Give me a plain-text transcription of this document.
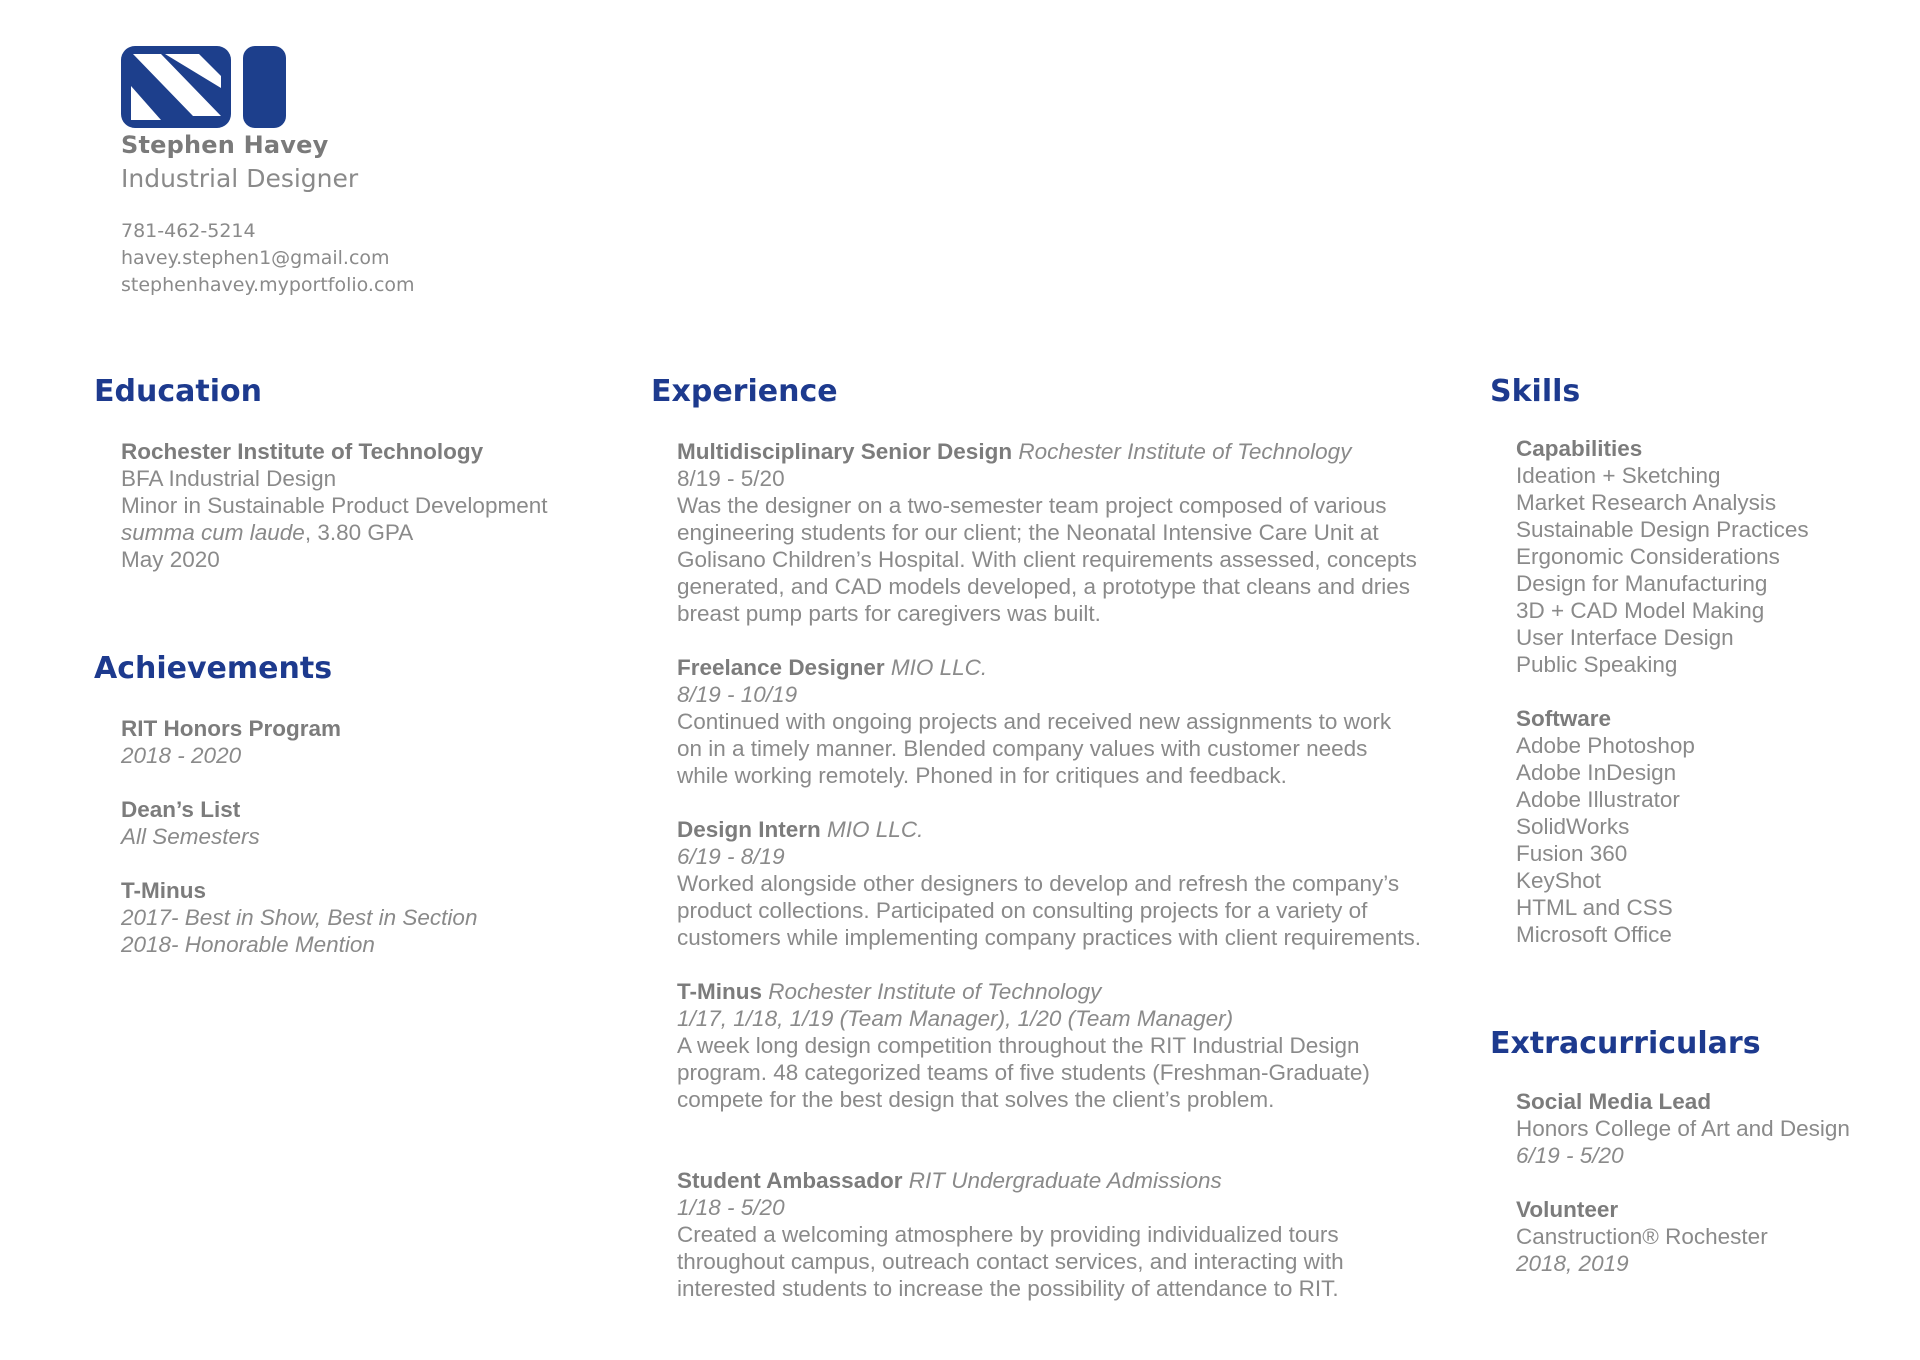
Stephen Havey
Industrial Designer
781-462-5214
havey.stephen1@gmail.com
stephenhavey.myportfolio.com
Education
Rochester Institute of Technology
BFA Industrial Design
Minor in Sustainable Product Development
summa cum laude, 3.80 GPA
May 2020
Achievements
RIT Honors Program
2018 - 2020
Dean’s List
All Semesters
T-Minus
2017- Best in Show, Best in Section
2018- Honorable Mention
Experience
Multidisciplinary Senior Design Rochester Institute of Technology
8/19 - 5/20
Was the designer on a two-semester team project composed of various
engineering students for our client; the Neonatal Intensive Care Unit at
Golisano Children’s Hospital. With client requirements assessed, concepts
generated, and CAD models developed, a prototype that cleans and dries
breast pump parts for caregivers was built.
Freelance Designer MIO LLC.
8/19 - 10/19
Continued with ongoing projects and received new assignments to work
on in a timely manner. Blended company values with customer needs
while working remotely. Phoned in for critiques and feedback.
Design Intern MIO LLC.
6/19 - 8/19
Worked alongside other designers to develop and refresh the company’s
product collections. Participated on consulting projects for a variety of
customers while implementing company practices with client requirements.
T-Minus Rochester Institute of Technology
1/17, 1/18, 1/19 (Team Manager), 1/20 (Team Manager)
A week long design competition throughout the RIT Industrial Design
program. 48 categorized teams of five students (Freshman-Graduate)
compete for the best design that solves the client’s problem.
Student Ambassador RIT Undergraduate Admissions
1/18 - 5/20
Created a welcoming atmosphere by providing individualized tours
throughout campus, outreach contact services, and interacting with
interested students to increase the possibility of attendance to RIT.
Skills
Capabilities
Ideation + Sketching
Market Research Analysis
Sustainable Design Practices
Ergonomic Considerations
Design for Manufacturing
3D + CAD Model Making
User Interface Design
Public Speaking
Software
Adobe Photoshop
Adobe InDesign
Adobe Illustrator
SolidWorks
Fusion 360
KeyShot
HTML and CSS
Microsoft Office
Extracurriculars
Social Media Lead
Honors College of Art and Design
6/19 - 5/20
Volunteer
Canstruction® Rochester
2018, 2019
